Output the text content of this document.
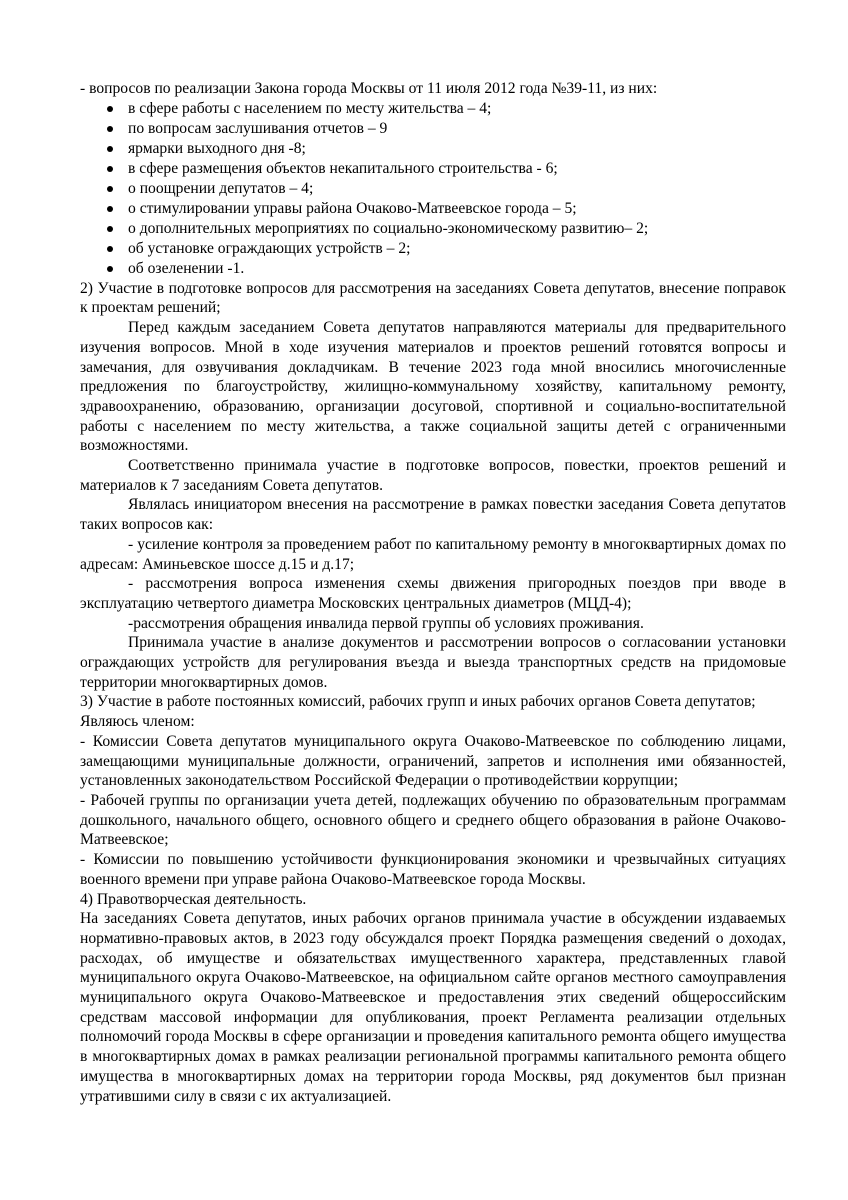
- вопросов по реализации Закона города Москвы от 11 июля 2012 года №39-11, из них:

в сфере работы с населением по месту жительства – 4;
по вопросам заслушивания отчетов – 9
ярмарки выходного дня -8;
в сфере размещения объектов некапитального строительства - 6;
о поощрении депутатов – 4;
о стимулировании управы района Очаково-Матвеевское города – 5;
о дополнительных мероприятиях по социально-экономическому развитию– 2;
об установке ограждающих устройств – 2;
об озеленении -1.

2) Участие в подготовке вопросов для рассмотрения на заседаниях Совета депутатов, внесение поправок к проектам решений;

Перед каждым заседанием Совета депутатов направляются материалы для предварительного изучения вопросов. Мной в ходе изучения материалов и проектов решений готовятся вопросы и замечания, для озвучивания докладчикам. В течение 2023 года мной вносились многочисленные предложения по благоустройству, жилищно-коммунальному хозяйству, капитальному ремонту, здравоохранению, образованию, организации досуговой, спортивной и социально-воспитательной работы с населением по месту жительства, а также социальной защиты детей с ограниченными возможностями.

Соответственно принимала участие в подготовке вопросов, повестки, проектов решений и материалов к 7 заседаниям Совета депутатов.

Являлась инициатором внесения на рассмотрение в рамках повестки заседания Совета депутатов таких вопросов как:

- усиление контроля за проведением работ по капитальному ремонту в многоквартирных домах по адресам: Аминьевское шоссе д.15 и д.17;

- рассмотрения вопроса изменения схемы движения пригородных поездов при вводе в эксплуатацию четвертого диаметра Московских центральных диаметров (МЦД-4);

-рассмотрения обращения инвалида первой группы об условиях проживания.

Принимала участие в анализе документов и рассмотрении вопросов о согласовании установки ограждающих устройств для регулирования въезда и выезда транспортных средств на придомовые территории многоквартирных домов.

3) Участие в работе постоянных комиссий, рабочих групп и иных рабочих органов Совета депутатов;

Являюсь членом:

- Комиссии Совета депутатов муниципального округа Очаково-Матвеевское по соблюдению лицами, замещающими муниципальные должности, ограничений, запретов и исполнения ими обязанностей, установленных законодательством Российской Федерации о противодействии коррупции;

- Рабочей группы по организации учета детей, подлежащих обучению по образовательным программам дошкольного, начального общего, основного общего и среднего общего образования в районе Очаково-Матвеевское;

- Комиссии по повышению устойчивости функционирования экономики и чрезвычайных ситуациях военного времени при управе района Очаково-Матвеевское города Москвы.

4) Правотворческая деятельность.

На заседаниях Совета депутатов, иных рабочих органов принимала участие в обсуждении издаваемых нормативно-правовых актов, в 2023 году обсуждался проект Порядка размещения сведений о доходах, расходах, об имуществе и обязательствах имущественного характера, представленных главой муниципального округа Очаково-Матвеевское, на официальном сайте органов местного самоуправления муниципального округа Очаково-Матвеевское и предоставления этих сведений общероссийским средствам массовой информации для опубликования, проект Регламента реализации отдельных полномочий города Москвы в сфере организации и проведения капитального ремонта общего имущества в многоквартирных домах в рамках реализации региональной программы капитального ремонта общего имущества в многоквартирных домах на территории города Москвы, ряд документов был признан утратившими силу в связи с их актуализацией.
